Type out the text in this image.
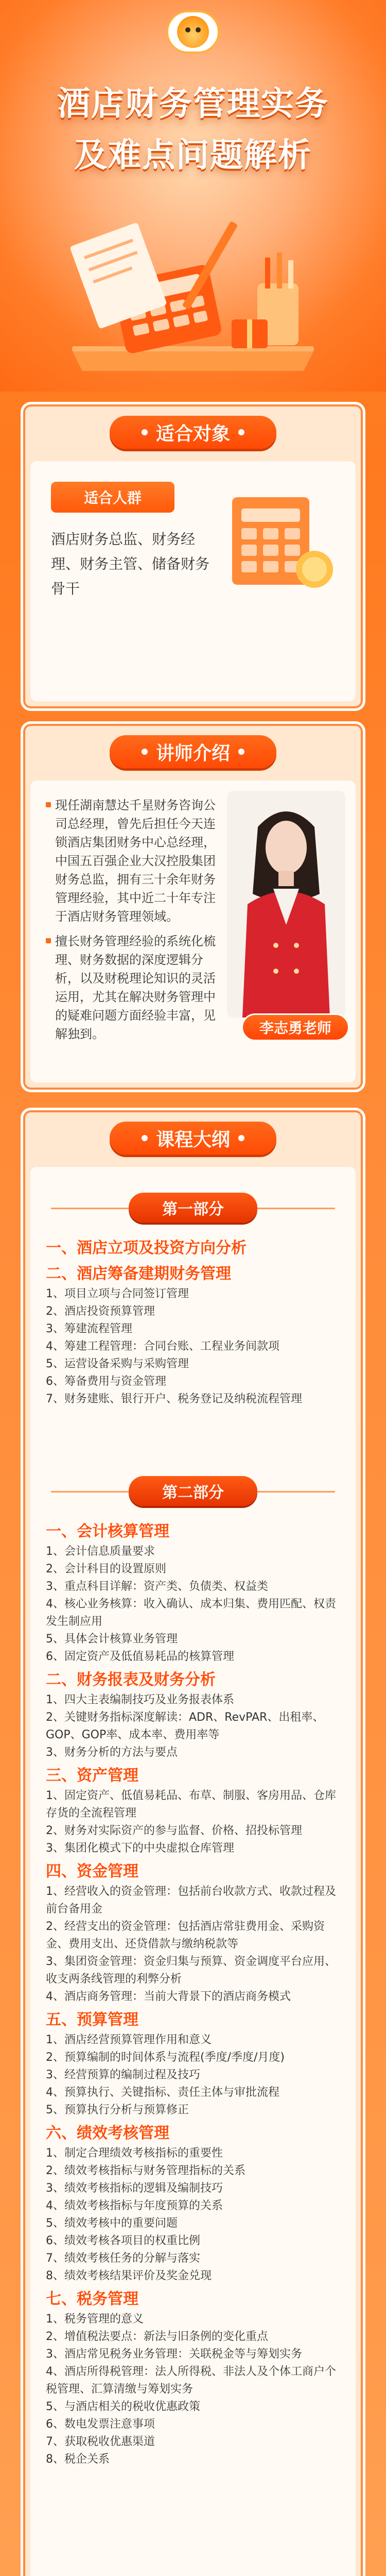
酒店财务管理实务
及难点问题解析
适合对象
适合人群
酒店财务总监、财务经理、财务主管、储备财务骨干
讲师介绍

现任湖南慧达千星财务咨询公司总经理，曾先后担任今天连锁酒店集团财务中心总经理，中国五百强企业大汉控股集团财务总监，拥有三十余年财务管理经验，其中近二十年专注于酒店财务管理领域。

擅长财务管理经验的系统化梳理、财务数据的深度逻辑分析，以及财税理论知识的灵活运用，尤其在解决财务管理中的疑难问题方面经验丰富，见解独到。	李志勇老师
课程大纲
第一部分
一、酒店立项及投资方向分析
二、酒店筹备建期财务管理
1、项目立项与合同签订管理
2、酒店投资预算管理
3、筹建流程管理
4、筹建工程管理：合同台账、工程业务间款项
5、运营设备采购与采购管理
6、筹备费用与资金管理
7、财务建账、银行开户、税务登记及纳税流程管理
第二部分
一、会计核算管理
1、会计信息质量要求
2、会计科目的设置原则
3、重点科目详解：资产类、负债类、权益类
4、核心业务核算：收入确认、成本归集、费用匹配、权责发生制应用
5、具体会计核算业务管理
6、固定资产及低值易耗品的核算管理
二、财务报表及财务分析
1、四大主表编制技巧及业务报表体系
2、关键财务指标深度解读：ADR、RevPAR、出租率、GOP、GOP率、成本率、费用率等
3、财务分析的方法与要点
三、资产管理
1、固定资产、低值易耗品、布草、制服、客房用品、仓库存货的全流程管理
2、财务对实际资产的参与监督、价格、招投标管理
3、集团化模式下的中央虚拟仓库管理
四、资金管理
1、经营收入的资金管理：包括前台收款方式、收款过程及前台备用金
2、经营支出的资金管理：包括酒店常驻费用金、采购资金、费用支出、还贷借款与缴纳税款等
3、集团资金管理：资金归集与预算、资金调度平台应用、收支两条线管理的利弊分析
4、酒店商务管理：当前大背景下的酒店商务模式
五、预算管理
1、酒店经营预算管理作用和意义
2、预算编制的时间体系与流程(季度/季度/月度)
3、经营预算的编制过程及技巧
4、预算执行、关键指标、责任主体与审批流程
5、预算执行分析与预算修正
六、绩效考核管理
1、制定合理绩效考核指标的重要性
2、绩效考核指标与财务管理指标的关系
3、绩效考核指标的逻辑及编制技巧
4、绩效考核指标与年度预算的关系
5、绩效考核中的重要问题
6、绩效考核各项目的权重比例
7、绩效考核任务的分解与落实
8、绩效考核结果评价及奖金兑现
七、税务管理
1、税务管理的意义
2、增值税法要点：新法与旧条例的变化重点
3、酒店常见税务业务管理：关联税金等与筹划实务
4、酒店所得税管理：法人所得税、非法人及个体工商户个税管理、汇算清缴与筹划实务
5、与酒店相关的税收优惠政策
6、数电发票注意事项
7、获取税收优惠渠道
8、税企关系
